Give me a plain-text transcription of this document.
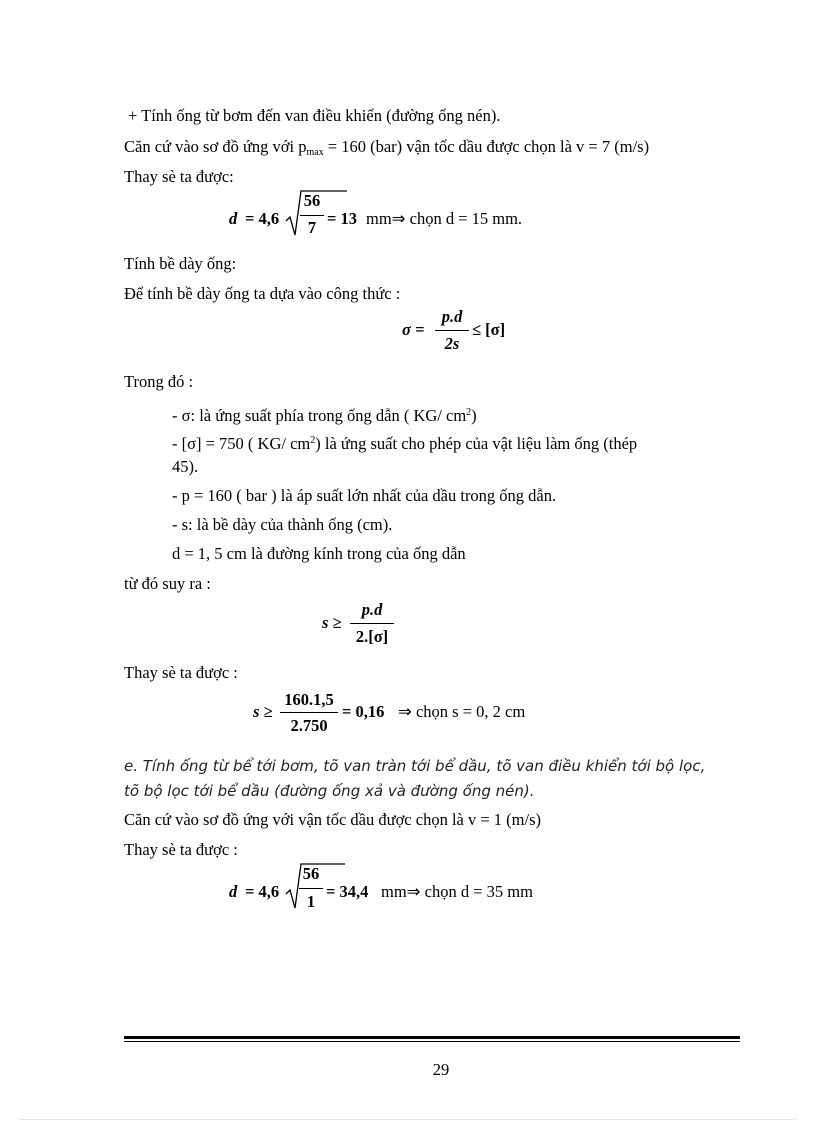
+ Tính ống từ bơm đến van điều khiển (đường ống nén).
Căn cứ vào sơ đồ ứng với $p_{max} = 160$ (bar) vận tốc dầu được chọn là v = 7 (m/s)
Thay sè ta được:
d = 4,6
56
7 = 13 mm⇒ chọn d = 15 mm.
Tính bề dày ống:
Để tính bề dày ống ta dựa vào công thức :
σ =
p.d
2s
≤ [σ]
Trong đó :
- σ: là ứng suất phía trong ống dẫn ( KG/ $cm^2$)
- [σ] = 750 ( KG/ $cm^2$) là ứng suất cho phép của vật liệu làm ống (thép
45).
- p = 160 ( bar ) là áp suất lớn nhất của dầu trong ống dẫn.
- s: là bề dày của thành ống (cm).
d = 1, 5 cm là đường kính trong của ống dẫn
từ đó suy ra :
s ≥
p.d
2.[σ]
Thay sè ta được :
s ≥
160.1,5
2.750
= 0,16 ⇒ chọn s = 0, 2 cm
e. Tính ống từ bể tới bơm, tõ van tràn tới bể dầu, tõ van điều khiển tới bộ lọc,
tõ bộ lọc tới bể dầu (đường ống xả và đường ống nén).
Căn cứ vào sơ đồ ứng với vận tốc dầu được chọn là v = 1 (m/s)
Thay sè ta được :
d = 4,6
56
1
= 34,4 mm⇒ chọn d = 35 mm
29
